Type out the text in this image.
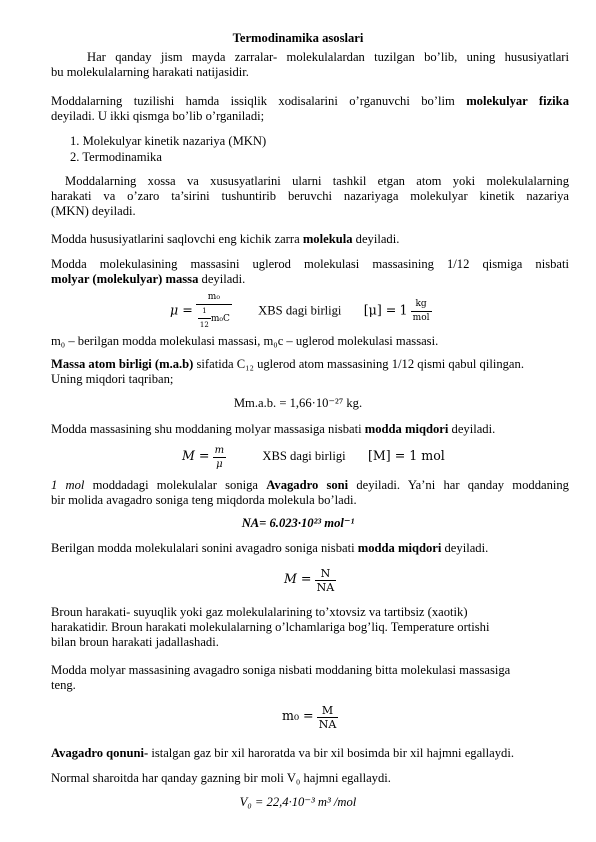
Termodinamika asoslari
Har qanday jism mayda zarralar- molekulalardan tuzilgan bo’lib, uning hususiyatlari
bu molekulalarning harakati natijasidir.
Moddalarning tuzilishi hamda issiqlik xodisalarini o’rganuvchi bo’lim molekulyar fizika
deyiladi. U ikki qismga bo’lib o’rganiladi;
1. Molekulyar kinetik nazariya (MKN)
2. Termodinamika
Moddalarning xossa va xususyatlarini ularni tashkil etgan atom yoki molekulalarning
harakati va o’zaro ta’sirini tushuntirib beruvchi nazariyaga molekulyar kinetik nazariya
(MKN) deyiladi.
Modda hususiyatlarini saqlovchi eng kichik zarra molekula deyiladi.
Modda molekulasining massasini uglerod molekulasi massasining 1/12 qismiga nisbati
molyar (molekulyar) massa deyiladi.
$\mu = \frac{\text{m₀}}{\frac{1}{12} m_0C}$ XBS dagi birligi $[\mu] = 1 \frac{kg}{\text{mol}}$
m₀ – berilgan modda molekulasi massasi, m₀c – uglerod molekulasi massasi.
Massa atom birligi (m.a.b) sifatida C₁₂ uglerod atom massasining 1/12 qismi qabul qilingan.
Uning miqdori taqriban;
Mm.a.b. = 1,66·10⁻²⁷ kg.
Modda massasining shu moddaning molyar massasiga nisbati modda miqdori deyiladi.
$M = \frac{m}{\mu}$	XBS dagi birligi [M] = 1 mol
1 mol moddadagi molekulalar soniga Avagadro soni deyiladi. Ya’ni har qanday moddaning
bir molida avagadro soniga teng miqdorda molekula bo’ladi.
NA= 6.023·10²³ mol⁻¹
Berilgan modda molekulalari sonini avagadro soniga nisbati modda miqdori deyiladi.
$M = \frac{N}{NA}$
Broun harakati- suyuqlik yoki gaz molekulalarining to’xtovsiz va tartibsiz (xaotik)
harakatidir. Broun harakati molekulalarning o’lchamlariga bog’liq. Temperature ortishi
bilan broun harakati jadallashadi.
Modda molyar massasining avagadro soniga nisbati moddaning bitta molekulasi massasiga
teng.
$m_0 = \frac{M}{NA}$
Avagadro qonuni- istalgan gaz bir xil haroratda va bir xil bosimda bir xil hajmni egallaydi.
Normal sharoitda har qanday gazning bir moli V₀ hajmni egallaydi.
V₀ = 22,4·10⁻³ m³ /mol
